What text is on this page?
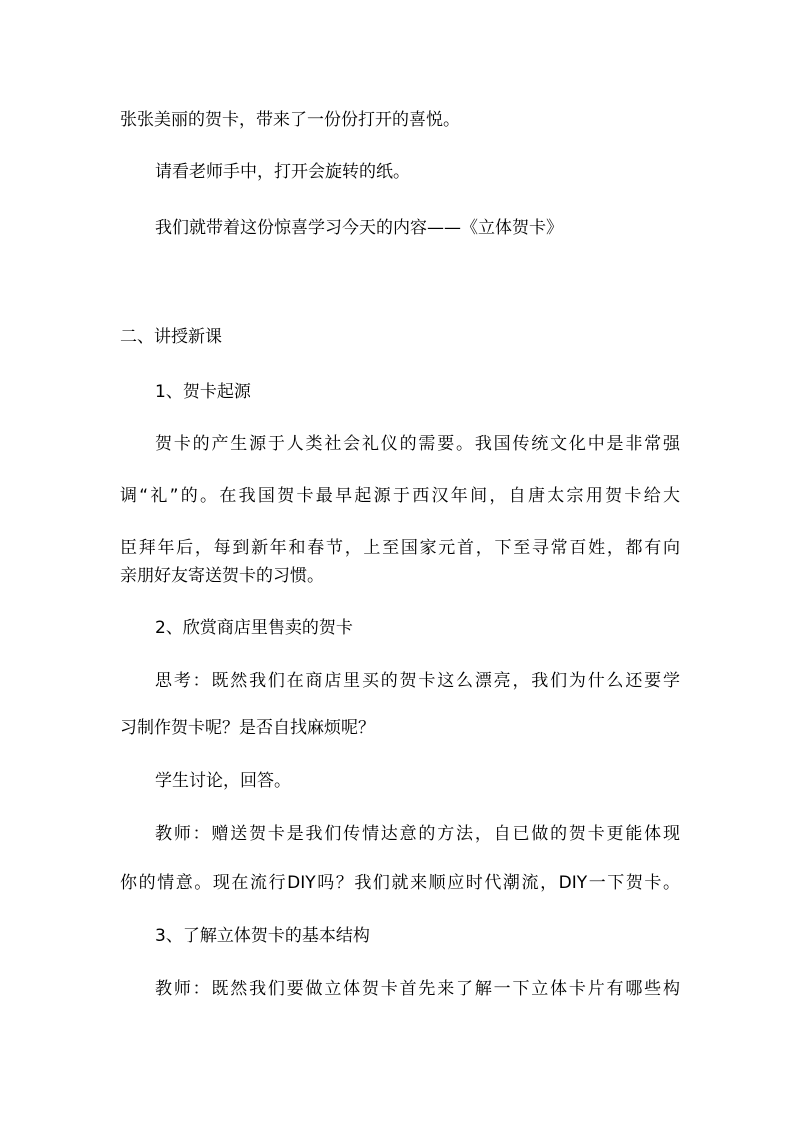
张张美丽的贺卡，带来了一份份打开的喜悦。
请看老师手中，打开会旋转的纸。
我们就带着这份惊喜学习今天的内容——《立体贺卡》
二、讲授新课
1、贺卡起源
贺卡的产生源于人类社会礼仪的需要。我国传统文化中是非常强
调“礼”的。在我国贺卡最早起源于西汉年间，自唐太宗用贺卡给大
臣拜年后，每到新年和春节，上至国家元首，下至寻常百姓，都有向
亲朋好友寄送贺卡的习惯。
2、欣赏商店里售卖的贺卡
思考：既然我们在商店里买的贺卡这么漂亮，我们为什么还要学
习制作贺卡呢？是否自找麻烦呢？
学生讨论，回答。
教师：赠送贺卡是我们传情达意的方法，自已做的贺卡更能体现
你的情意。现在流行DIY吗？我们就来顺应时代潮流，DIY一下贺卡。
3、了解立体贺卡的基本结构
教师：既然我们要做立体贺卡首先来了解一下立体卡片有哪些构
